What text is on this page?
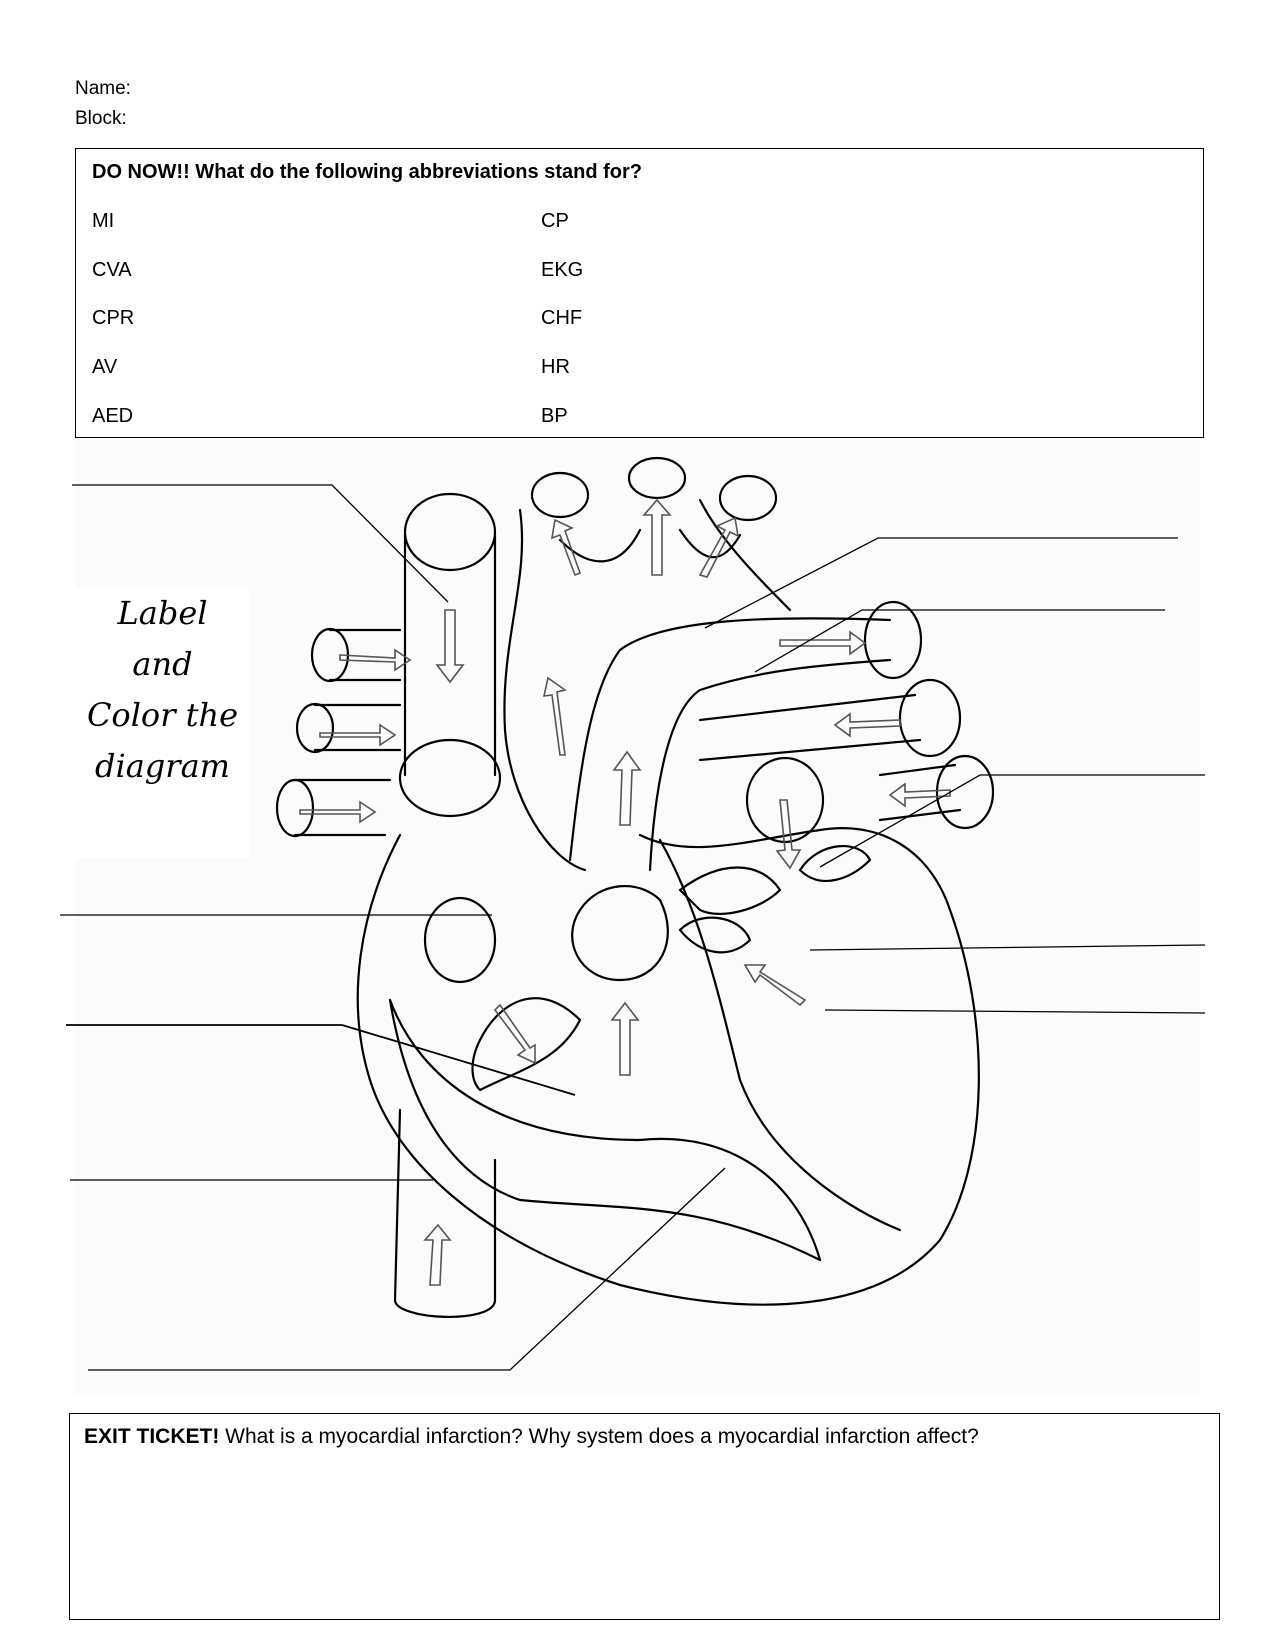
Name:
Block:
DO NOW!! What do the following abbreviations stand for?
MI
CVA
CPR
AV
AED
CP
EKG
CHF
HR
BP
Label
and
Color the
diagram
EXIT TICKET! What is a myocardial infarction? Why system does a myocardial infarction affect?
